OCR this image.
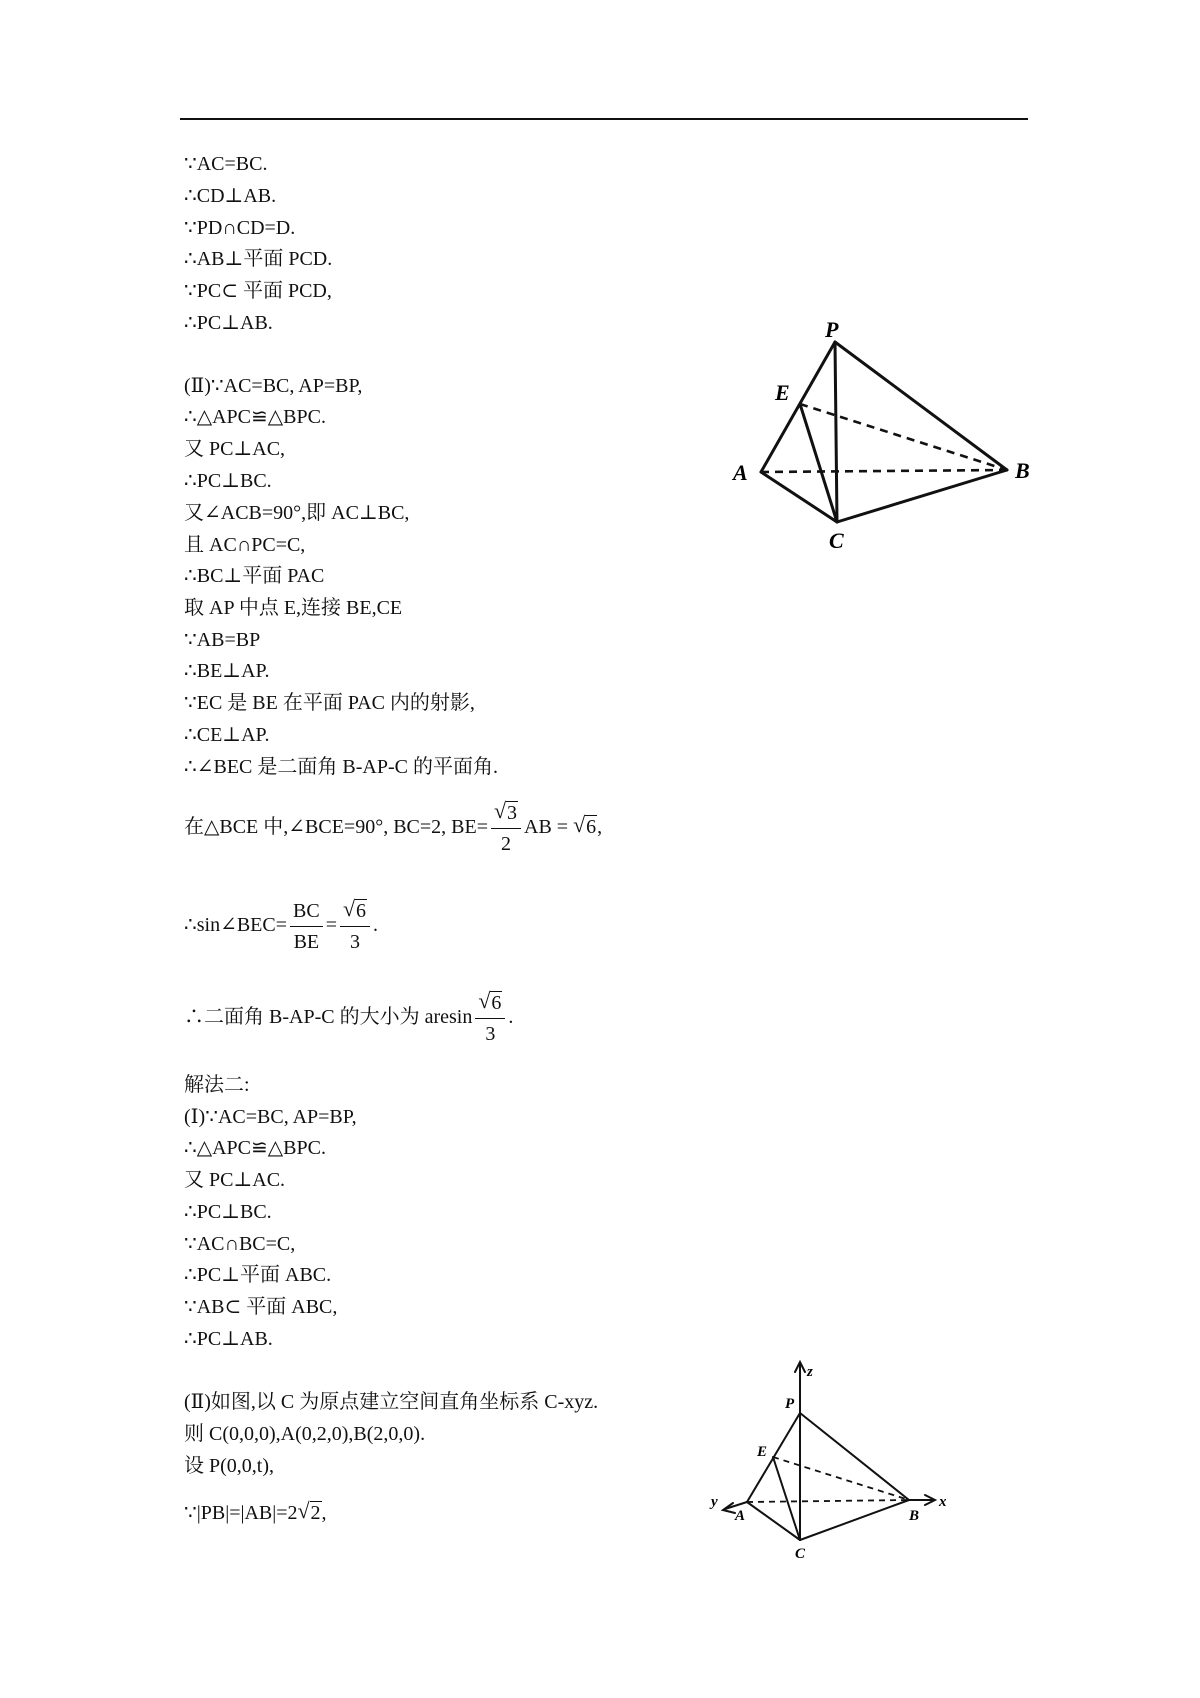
∵AC=BC.
∴CD⊥AB.
∵PD∩CD=D.
∴AB⊥平面 PCD.
∵PC⊂ 平面 PCD,
∴PC⊥AB.
(Ⅱ)∵AC=BC, AP=BP,
∴△APC≌△BPC.
又 PC⊥AC,
∴PC⊥BC.
又∠ACB=90°,即 AC⊥BC,
且 AC∩PC=C,
∴BC⊥平面 PAC
取 AP 中点 E,连接 BE,CE
∵AB=BP
∴BE⊥AP.
∵EC 是 BE 在平面 PAC 内的射影,
∴CE⊥AP.
∴∠BEC 是二面角 B-AP-C 的平面角.
在△BCE 中,∠BCE=90°, BC=2, $BE= \frac{√ 3}{2}$ AB = √ 6,
∴sin∠BEC= $\frac{BC}{BE} = \frac{√ 6}{3}$ .
∴二面角 B-AP-C 的大小为 aresin $\frac{√ 6}{3}$ .
解法二:
(Ⅰ)∵AC=BC, AP=BP,
∴△APC≌△BPC.
又 PC⊥AC.
∴PC⊥BC.
∵AC∩BC=C,
∴PC⊥平面 ABC.
∵AB⊂ 平面 ABC,
∴PC⊥AB.
(Ⅱ)如图,以 C 为原点建立空间直角坐标系 C-xyz.
则 C(0,0,0),A(0,2,0),B(2,0,0).
设 P(0,0,t),
∵|PB|=|AB|=2 √ 2,
P
E
A	B
C
z
P
E
y
A	B
x
C
